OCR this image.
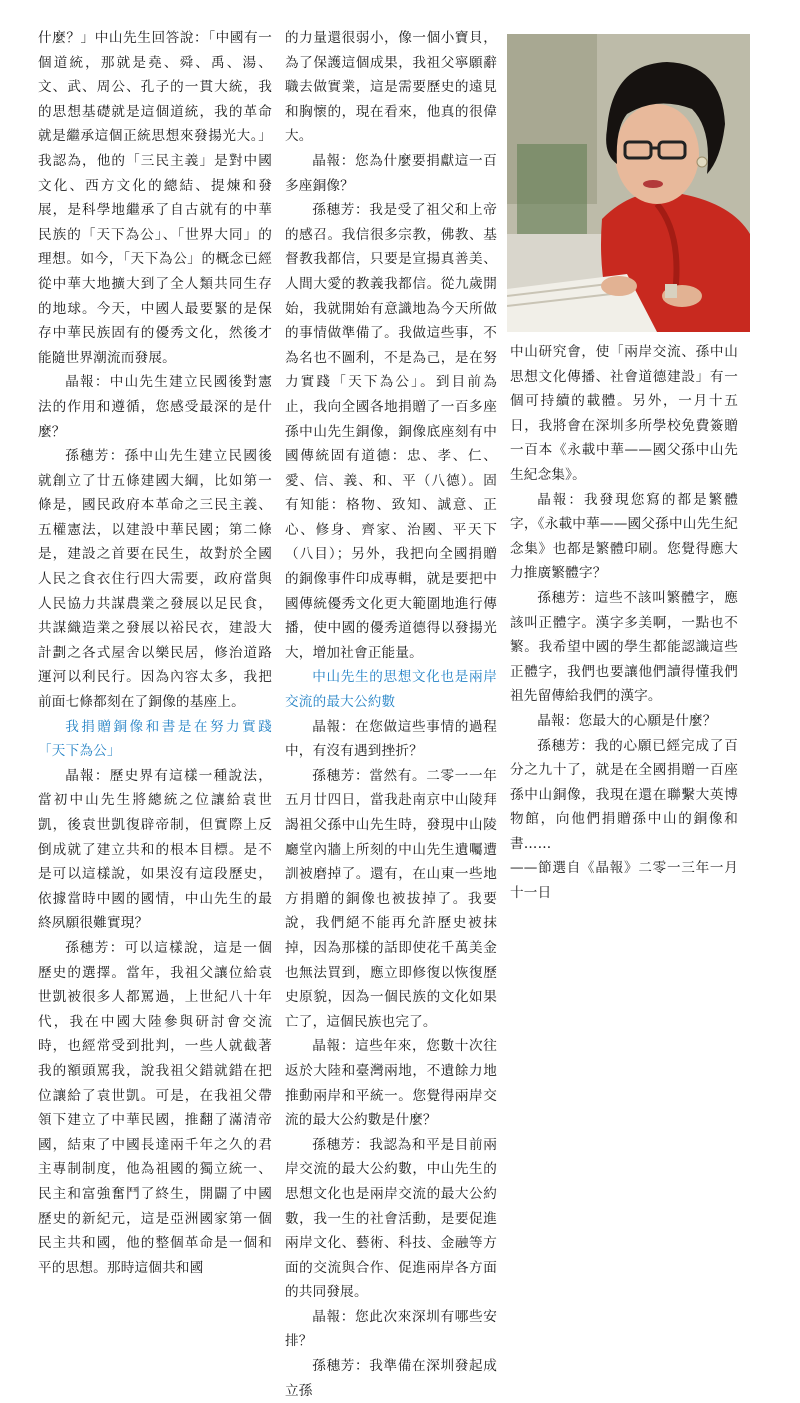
什麼？」中山先生回答說：「中國有一個道統，那就是堯、舜、禹、湯、文、武、周公、孔子的一貫大統，我的思想基礎就是這個道統，我的革命就是繼承這個正統思想來發揚光大。」我認為，他的「三民主義」是對中國文化、西方文化的總結、提煉和發展，是科學地繼承了自古就有的中華民族的「天下為公」、「世界大同」的理想。如今，「天下為公」的概念已經從中華大地擴大到了全人類共同生存的地球。今天，中國人最要緊的是保存中華民族固有的優秀文化，然後才能隨世界潮流而發展。

晶報：中山先生建立民國後對憲法的作用和遵循，您感受最深的是什麼？

孫穗芳：孫中山先生建立民國後就創立了廿五條建國大綱，比如第一條是，國民政府本革命之三民主義、五權憲法，以建設中華民國；第二條是，建設之首要在民生，故對於全國人民之食衣住行四大需要，政府當與人民協力共謀農業之發展以足民食，共謀織造業之發展以裕民衣，建設大計劃之各式屋舍以樂民居，修治道路運河以利民行。因為內容太多，我把前面七條都刻在了銅像的基座上。

我捐贈銅像和書是在努力實踐「天下為公」

晶報：歷史界有這樣一種說法，當初中山先生將總統之位讓給袁世凱，後袁世凱復辟帝制，但實際上反倒成就了建立共和的根本目標。是不是可以這樣說，如果沒有這段歷史，依據當時中國的國情，中山先生的最終夙願很難實現？

孫穗芳：可以這樣說，這是一個歷史的選擇。當年，我祖父讓位給袁世凱被很多人都罵過，上世紀八十年代，我在中國大陸參與研討會交流時，也經常受到批判，一些人就截著我的額頭罵我，說我祖父錯就錯在把位讓給了袁世凱。可是，在我祖父帶領下建立了中華民國，推翻了滿清帝國，結束了中國長達兩千年之久的君主專制制度，他為祖國的獨立統一、民主和富強奮鬥了終生，開闢了中國歷史的新紀元，這是亞洲國家第一個民主共和國，他的整個革命是一個和平的思想。那時這個共和國

的力量還很弱小，像一個小寶貝，為了保護這個成果，我祖父寧願辭職去做實業，這是需要歷史的遠見和胸懷的，現在看來，他真的很偉大。

晶報：您為什麼要捐獻這一百多座銅像？

孫穗芳：我是受了祖父和上帝的感召。我信很多宗教，佛教、基督教我都信，只要是宣揚真善美、人間大愛的教義我都信。從九歲開始，我就開始有意識地為今天所做的事情做準備了。我做這些事，不為名也不圖利，不是為己，是在努力實踐「天下為公」。到目前為止，我向全國各地捐贈了一百多座孫中山先生銅像，銅像底座刻有中國傳統固有道德：忠、孝、仁、愛、信、義、和、平（八德）。固有知能：格物、致知、誠意、正心、修身、齊家、治國、平天下（八目）；另外，我把向全國捐贈的銅像事件印成專輯，就是要把中國傳統優秀文化更大範圍地進行傳播，使中國的優秀道德得以發揚光大，增加社會正能量。

中山先生的思想文化也是兩岸交流的最大公約數

晶報：在您做這些事情的過程中，有沒有遇到挫折？

孫穗芳：當然有。二零一一年五月廿四日，當我赴南京中山陵拜謁祖父孫中山先生時，發現中山陵廳堂內牆上所刻的中山先生遺囑遭訓被磨掉了。還有，在山東一些地方捐贈的銅像也被拔掉了。我要說，我們絕不能再允許歷史被抹掉，因為那樣的話即使花千萬美金也無法買到，應立即修復以恢復歷史原貌，因為一個民族的文化如果亡了，這個民族也完了。

晶報：這些年來，您數十次往返於大陸和臺灣兩地，不遺餘力地推動兩岸和平統一。您覺得兩岸交流的最大公約數是什麼？

孫穗芳：我認為和平是目前兩岸交流的最大公約數，中山先生的思想文化也是兩岸交流的最大公約數，我一生的社會活動，是要促進兩岸文化、藝術、科技、金融等方面的交流與合作、促進兩岸各方面的共同發展。

晶報：您此次來深圳有哪些安排？

孫穗芳：我準備在深圳發起成立孫

中山研究會，使「兩岸交流、孫中山思想文化傳播、社會道德建設」有一個可持續的載體。另外，一月十五日，我將會在深圳多所學校免費簽贈一百本《永載中華——國父孫中山先生紀念集》。

晶報：我發現您寫的都是繁體字，《永載中華——國父孫中山先生紀念集》也都是繁體印刷。您覺得應大力推廣繁體字？

孫穗芳：這些不該叫繁體字，應該叫正體字。漢字多美啊，一點也不繁。我希望中國的學生都能認識這些正體字，我們也要讓他們讀得懂我們祖先留傳給我們的漢字。

晶報：您最大的心願是什麼？

孫穗芳：我的心願已經完成了百分之九十了，就是在全國捐贈一百座孫中山銅像，我現在還在聯繫大英博物館，向他們捐贈孫中山的銅像和書……

——節選自《晶報》二零一三年一月十一日
